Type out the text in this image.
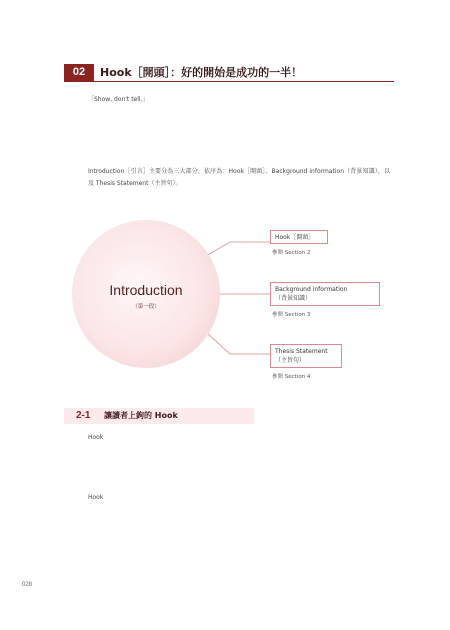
02	Hook［開頭］：好的開始是成功的一半！
「Show, don't tell.」
Introduction［引言］主要分為三大部分，依序為：Hook［開頭］、Background information（背景知識），以及 Thesis Statement（主旨句）。
Introduction
（第一段）
Hook［開頭］
參閱 Section 2
Background information
（背景知識）
參閱 Section 3
Thesis Statement
（主旨句）
參閱 Section 4
2-1 讓讀者上鉤的 Hook
Hook
Hook
028
